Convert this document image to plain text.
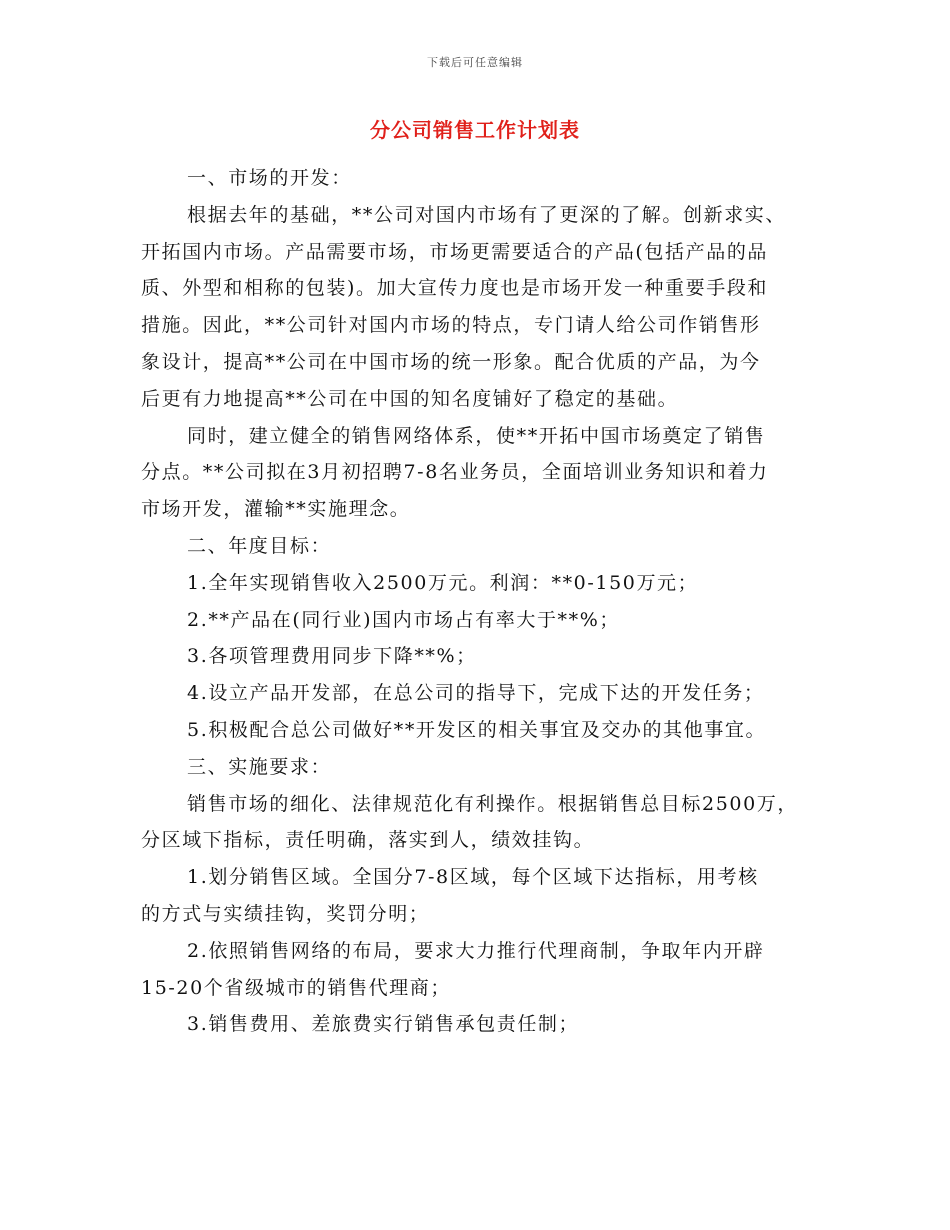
下载后可任意编辑
分公司销售工作计划表
一、市场的开发：
根据去年的基础，**公司对国内市场有了更深的了解。创新求实、
开拓国内市场。产品需要市场，市场更需要适合的产品(包括产品的品
质、外型和相称的包装)。加大宣传力度也是市场开发一种重要手段和
措施。因此，**公司针对国内市场的特点，专门请人给公司作销售形
象设计，提高**公司在中国市场的统一形象。配合优质的产品，为今
后更有力地提高**公司在中国的知名度铺好了稳定的基础。
同时，建立健全的销售网络体系，使**开拓中国市场奠定了销售
分点。**公司拟在3月初招聘7-8名业务员，全面培训业务知识和着力
市场开发，灌输**实施理念。
二、年度目标：
1.全年实现销售收入2500万元。利润：**0-150万元；
2.**产品在(同行业)国内市场占有率大于**%；
3.各项管理费用同步下降**%；
4.设立产品开发部，在总公司的指导下，完成下达的开发任务；
5.积极配合总公司做好**开发区的相关事宜及交办的其他事宜。
三、实施要求：
销售市场的细化、法律规范化有利操作。根据销售总目标2500万，
分区域下指标，责任明确，落实到人，绩效挂钩。
1.划分销售区域。全国分7-8区域，每个区域下达指标，用考核
的方式与实绩挂钩，奖罚分明；
2.依照销售网络的布局，要求大力推行代理商制，争取年内开辟
15-20个省级城市的销售代理商；
3.销售费用、差旅费实行销售承包责任制；
